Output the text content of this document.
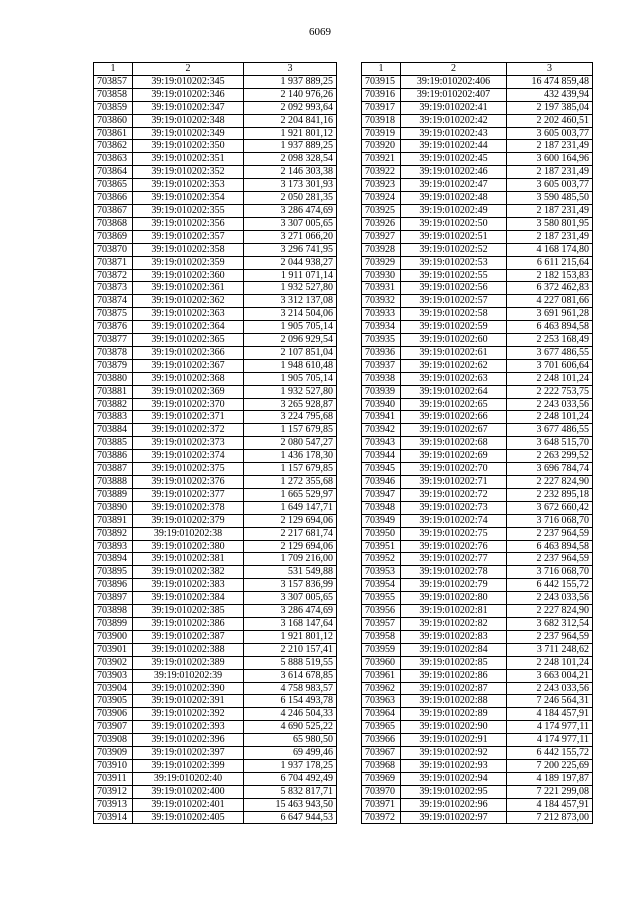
6069
1	2	3
703857	39:19:010202:345	1 937 889,25
703858	39:19:010202:346	2 140 976,26
703859	39:19:010202:347	2 092 993,64
703860	39:19:010202:348	2 204 841,16
703861	39:19:010202:349	1 921 801,12
703862	39:19:010202:350	1 937 889,25
703863	39:19:010202:351	2 098 328,54
703864	39:19:010202:352	2 146 303,38
703865	39:19:010202:353	3 173 301,93
703866	39:19:010202:354	2 050 281,35
703867	39:19:010202:355	3 286 474,69
703868	39:19:010202:356	3 307 005,65
703869	39:19:010202:357	3 271 066,20
703870	39:19:010202:358	3 296 741,95
703871	39:19:010202:359	2 044 938,27
703872	39:19:010202:360	1 911 071,14
703873	39:19:010202:361	1 932 527,80
703874	39:19:010202:362	3 312 137,08
703875	39:19:010202:363	3 214 504,06
703876	39:19:010202:364	1 905 705,14
703877	39:19:010202:365	2 096 929,54
703878	39:19:010202:366	2 107 851,04
703879	39:19:010202:367	1 948 610,48
703880	39:19:010202:368	1 905 705,14
703881	39:19:010202:369	1 932 527,80
703882	39:19:010202:370	3 265 928,87
703883	39:19:010202:371	3 224 795,68
703884	39:19:010202:372	1 157 679,85
703885	39:19:010202:373	2 080 547,27
703886	39:19:010202:374	1 436 178,30
703887	39:19:010202:375	1 157 679,85
703888	39:19:010202:376	1 272 355,68
703889	39:19:010202:377	1 665 529,97
703890	39:19:010202:378	1 649 147,71
703891	39:19:010202:379	2 129 694,06
703892	39:19:010202:38	2 217 681,74
703893	39:19:010202:380	2 129 694,06
703894	39:19:010202:381	1 709 216,00
703895	39:19:010202:382	531 549,88
703896	39:19:010202:383	3 157 836,99
703897	39:19:010202:384	3 307 005,65
703898	39:19:010202:385	3 286 474,69
703899	39:19:010202:386	3 168 147,64
703900	39:19:010202:387	1 921 801,12
703901	39:19:010202:388	2 210 157,41
703902	39:19:010202:389	5 888 519,55
703903	39:19:010202:39	3 614 678,85
703904	39:19:010202:390	4 758 983,57
703905	39:19:010202:391	6 154 493,78
703906	39:19:010202:392	4 246 504,33
703907	39:19:010202:393	4 690 525,22
703908	39:19:010202:396	65 980,50
703909	39:19:010202:397	69 499,46
703910	39:19:010202:399	1 937 178,25
703911	39:19:010202:40	6 704 492,49
703912	39:19:010202:400	5 832 817,71
703913	39:19:010202:401	15 463 943,50
703914	39:19:010202:405	6 647 944,53
1	2	3
703915	39:19:010202:406	16 474 859,48
703916	39:19:010202:407	432 439,94
703917	39:19:010202:41	2 197 385,04
703918	39:19:010202:42	2 202 460,51
703919	39:19:010202:43	3 605 003,77
703920	39:19:010202:44	2 187 231,49
703921	39:19:010202:45	3 600 164,96
703922	39:19:010202:46	2 187 231,49
703923	39:19:010202:47	3 605 003,77
703924	39:19:010202:48	3 590 485,50
703925	39:19:010202:49	2 187 231,49
703926	39:19:010202:50	3 580 801,95
703927	39:19:010202:51	2 187 231,49
703928	39:19:010202:52	4 168 174,80
703929	39:19:010202:53	6 611 215,64
703930	39:19:010202:55	2 182 153,83
703931	39:19:010202:56	6 372 462,83
703932	39:19:010202:57	4 227 081,66
703933	39:19:010202:58	3 691 961,28
703934	39:19:010202:59	6 463 894,58
703935	39:19:010202:60	2 253 168,49
703936	39:19:010202:61	3 677 486,55
703937	39:19:010202:62	3 701 606,64
703938	39:19:010202:63	2 248 101,24
703939	39:19:010202:64	2 222 753,75
703940	39:19:010202:65	2 243 033,56
703941	39:19:010202:66	2 248 101,24
703942	39:19:010202:67	3 677 486,55
703943	39:19:010202:68	3 648 515,70
703944	39:19:010202:69	2 263 299,52
703945	39:19:010202:70	3 696 784,74
703946	39:19:010202:71	2 227 824,90
703947	39:19:010202:72	2 232 895,18
703948	39:19:010202:73	3 672 660,42
703949	39:19:010202:74	3 716 068,70
703950	39:19:010202:75	2 237 964,59
703951	39:19:010202:76	6 463 894,58
703952	39:19:010202:77	2 237 964,59
703953	39:19:010202:78	3 716 068,70
703954	39:19:010202:79	6 442 155,72
703955	39:19:010202:80	2 243 033,56
703956	39:19:010202:81	2 227 824,90
703957	39:19:010202:82	3 682 312,54
703958	39:19:010202:83	2 237 964,59
703959	39:19:010202:84	3 711 248,62
703960	39:19:010202:85	2 248 101,24
703961	39:19:010202:86	3 663 004,21
703962	39:19:010202:87	2 243 033,56
703963	39:19:010202:88	7 246 564,31
703964	39:19:010202:89	4 184 457,91
703965	39:19:010202:90	4 174 977,11
703966	39:19:010202:91	4 174 977,11
703967	39:19:010202:92	6 442 155,72
703968	39:19:010202:93	7 200 225,69
703969	39:19:010202:94	4 189 197,87
703970	39:19:010202:95	7 221 299,08
703971	39:19:010202:96	4 184 457,91
703972	39:19:010202:97	7 212 873,00
